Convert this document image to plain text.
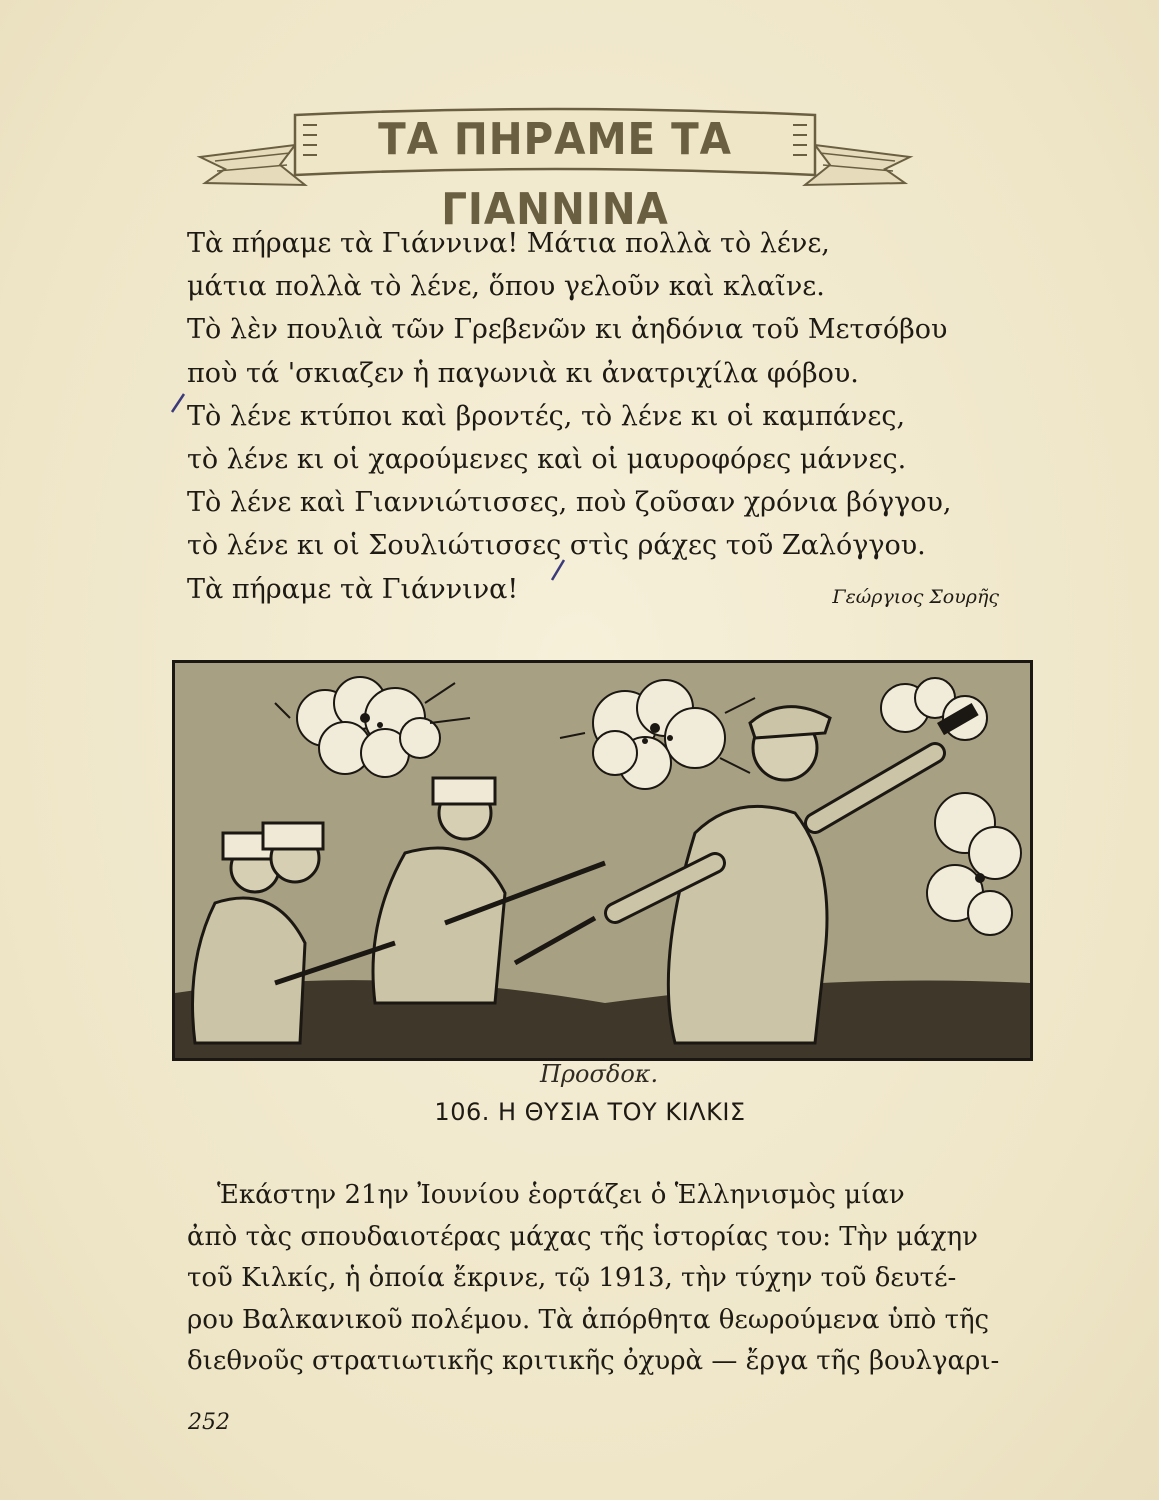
ΤΑ ΠΗΡΑΜΕ ΤΑ ΓΙΑΝΝΙΝΑ
Τὰ πήραμε τὰ Γιάννινα! Μάτια πολλὰ τὸ λένε,
μάτια πολλὰ τὸ λένε, ὅπου γελοῦν καὶ κλαῖνε.
Τὸ λὲν πουλιὰ τῶν Γρεβενῶν κι ἀηδόνια τοῦ Μετσόβου
ποὺ τά 'σκιαζεν ἡ παγωνιὰ κι ἀνατριχίλα φόβου.
Τὸ λένε κτύποι καὶ βροντές, τὸ λένε κι οἱ καμπάνες,
τὸ λένε κι οἱ χαρούμενες καὶ οἱ μαυροφόρες μάννες.
Τὸ λένε καὶ Γιαννιώτισσες, ποὺ ζοῦσαν χρόνια βόγγου,
τὸ λένε κι οἱ Σουλιώτισσες στὶς ράχες τοῦ Ζαλόγγου.
Τὰ πήραμε τὰ Γιάννινα!	Γεώργιος Σουρῆς
Προσδοκ.
106. Η ΘΥΣΙΑ ΤΟΥ ΚΙΛΚΙΣ
Ἑκάστην 21ην Ἰουνίου ἑορτάζει ὁ Ἑλληνισμὸς μίαν
ἀπὸ τὰς σπουδαιοτέρας μάχας τῆς ἱστορίας του: Τὴν μάχην
τοῦ Κιλκίς, ἡ ὁποία ἔκρινε, τῷ 1913, τὴν τύχην τοῦ δευτέ-
ρου Βαλκανικοῦ πολέμου. Τὰ ἀπόρθητα θεωρούμενα ὑπὸ τῆς
διεθνοῦς στρατιωτικῆς κριτικῆς ὀχυρὰ — ἔργα τῆς βουλγαρι-
252
